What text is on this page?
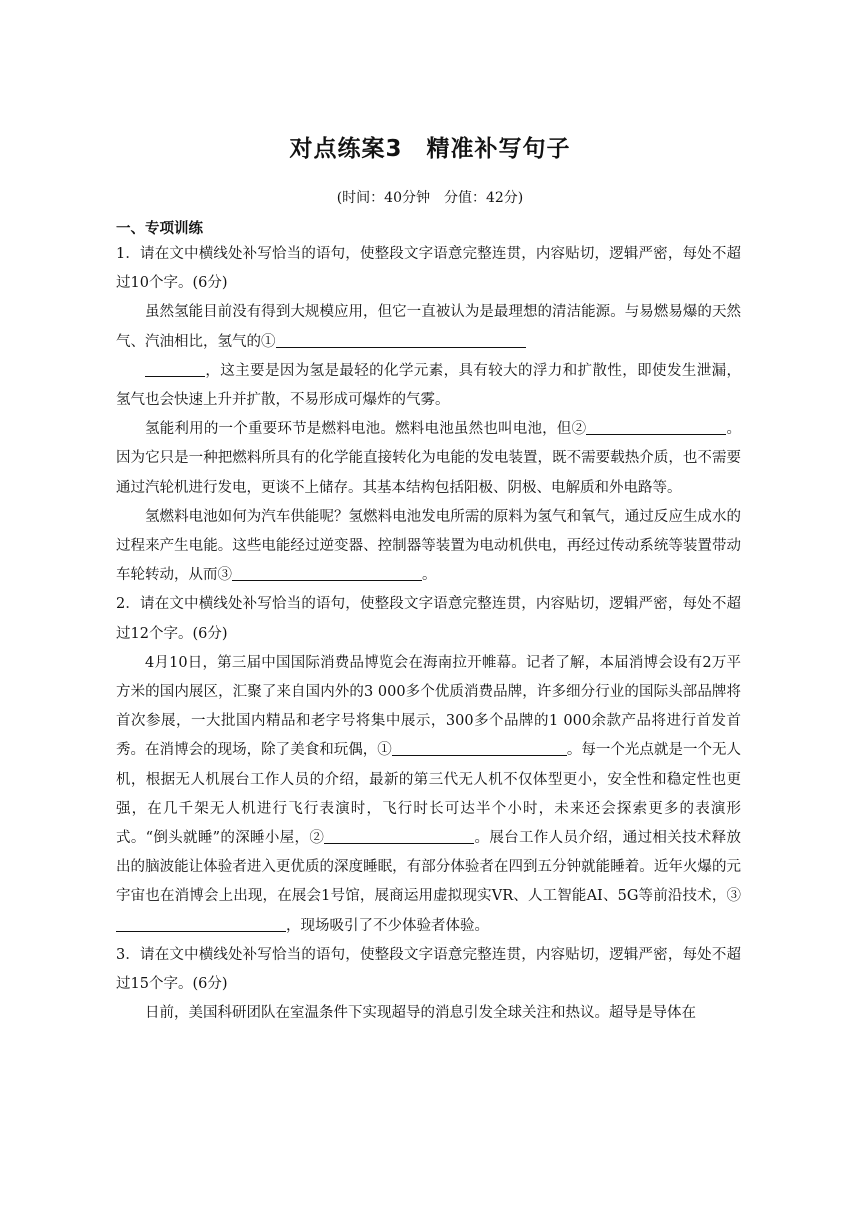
对点练案3　精准补写句子
(时间：40分钟　分值：42分)
一、专项训练

1．请在文中横线处补写恰当的语句，使整段文字语意完整连贯，内容贴切，逻辑严密，每处不超过10个字。(6分)

虽然氢能目前没有得到大规模应用，但它一直被认为是最理想的清洁能源。与易燃易爆的天然气、汽油相比，氢气的①
，这主要是因为氢是最轻的化学元素，具有较大的浮力和扩散性，即使发生泄漏，氢气也会快速上升并扩散，不易形成可爆炸的气雾。

氢能利用的一个重要环节是燃料电池。燃料电池虽然也叫电池，但②	。因为它只是一种把燃料所具有的化学能直接转化为电能的发电装置，既不需要载热介质，也不需要通过汽轮机进行发电，更谈不上储存。其基本结构包括阳极、阴极、电解质和外电路等。

氢燃料电池如何为汽车供能呢？氢燃料电池发电所需的原料为氢气和氧气，通过反应生成水的过程来产生电能。这些电能经过逆变器、控制器等装置为电动机供电，再经过传动系统等装置带动车轮转动，从而③	。

2．请在文中横线处补写恰当的语句，使整段文字语意完整连贯，内容贴切，逻辑严密，每处不超过12个字。(6分)

4月10日，第三届中国国际消费品博览会在海南拉开帷幕。记者了解，本届消博会设有2万平方米的国内展区，汇聚了来自国内外的3 000多个优质消费品牌，许多细分行业的国际头部品牌将首次参展，一大批国内精品和老字号将集中展示，300多个品牌的1 000余款产品将进行首发首秀。在消博会的现场，除了美食和玩偶，①	。每一个光点就是一个无人机，根据无人机展台工作人员的介绍，最新的第三代无人机不仅体型更小，安全性和稳定性也更强，在几千架无人机进行飞行表演时，飞行时长可达半个小时，未来还会探索更多的表演形式。“倒头就睡”的深睡小屋，②	。展台工作人员介绍，通过相关技术释放出的脑波能让体验者进入更优质的深度睡眠，有部分体验者在四到五分钟就能睡着。近年火爆的元宇宙也在消博会上出现，在展会1号馆，展商运用虚拟现实VR、人工智能AI、5G等前沿技术，③，现场吸引了不少体验者体验。

3．请在文中横线处补写恰当的语句，使整段文字语意完整连贯，内容贴切，逻辑严密，每处不超过15个字。(6分)

日前，美国科研团队在室温条件下实现超导的消息引发全球关注和热议。超导是导体在
